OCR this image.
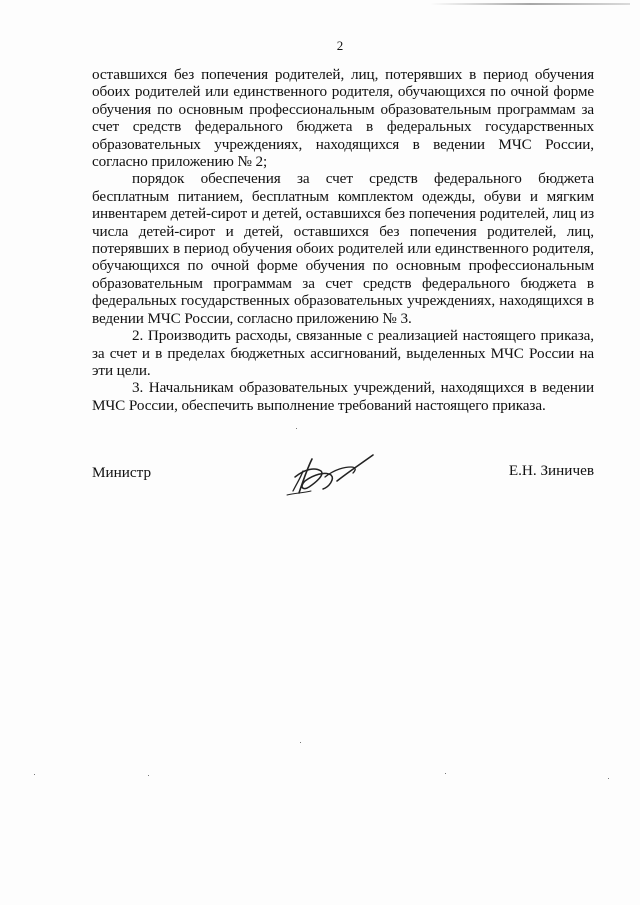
2

оставшихся без попечения родителей, лиц, потерявших в период обучения обоих родителей или единственного родителя, обучающихся по очной форме обучения по основным профессиональным образовательным программам за счет средств федерального бюджета в федеральных государственных образовательных учреждениях, находящихся в ведении МЧС России, согласно приложению № 2;

порядок обеспечения за счет средств федерального бюджета бесплатным питанием, бесплатным комплектом одежды, обуви и мягким инвентарем детей-сирот и детей, оставшихся без попечения родителей, лиц из числа детей-сирот и детей, оставшихся без попечения родителей, лиц, потерявших в период обучения обоих родителей или единственного родителя, обучающихся по очной форме обучения по основным профессиональным образовательным программам за счет средств федерального бюджета в федеральных государственных образовательных учреждениях, находящихся в ведении МЧС России, согласно приложению № 3.

2. Производить расходы, связанные с реализацией настоящего приказа, за счет и в пределах бюджетных ассигнований, выделенных МЧС России на эти цели.

3. Начальникам образовательных учреждений, находящихся в ведении МЧС России, обеспечить выполнение требований настоящего приказа.

Министр	Е.Н. Зиничев
